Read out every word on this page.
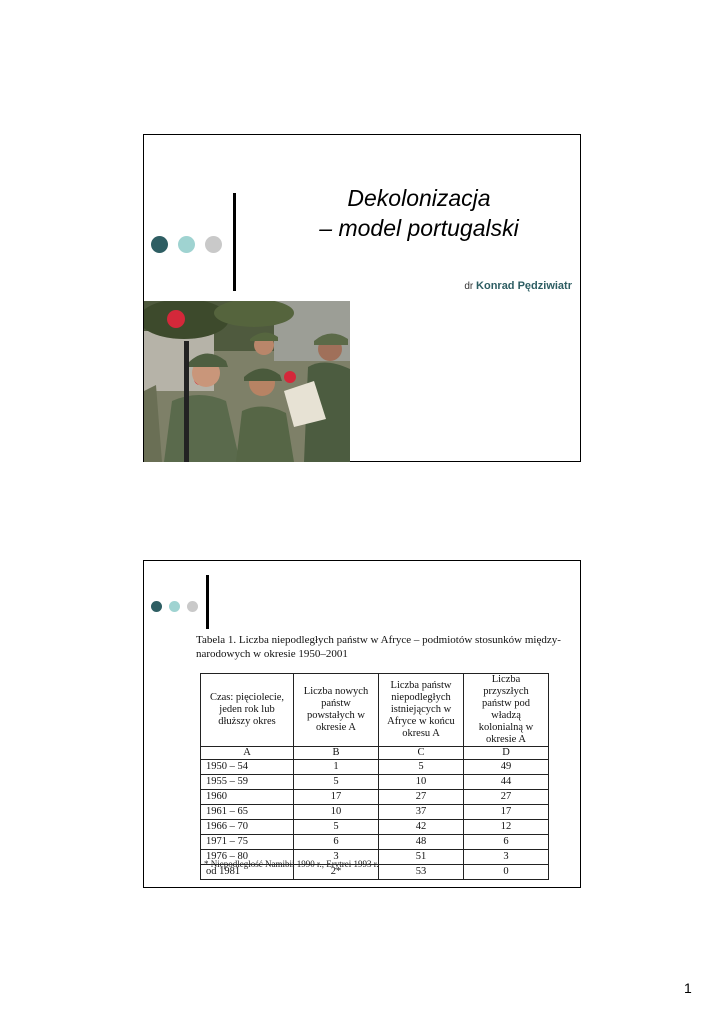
Dekolonizacja
– model portugalski
dr Konrad Pędziwiatr
Tabela 1. Liczba niepodległych państw w Afryce – podmiotów stosunków między-
narodowych w okresie 1950–2001
Czas: pięciolecie, jeden rok lub dłuższy okres	Liczba nowych państw powstałych w okresie A	Liczba państw niepodległych istniejących w Afryce w końcu okresu A	Liczba przyszłych państw pod władzą kolonialną w okresie A
A	B	C	D
1950 – 54	1	5	49
1955 – 59	5	10	44
1960	17	27	27
1961 – 65	10	37	17
1966 – 70	5	42	12
1971 – 75	6	48	6
1976 – 80	3	51	3
od 1981	2*	53	0
* Niepodległość Namibii 1990 r., Erytrei 1993 r.
1
